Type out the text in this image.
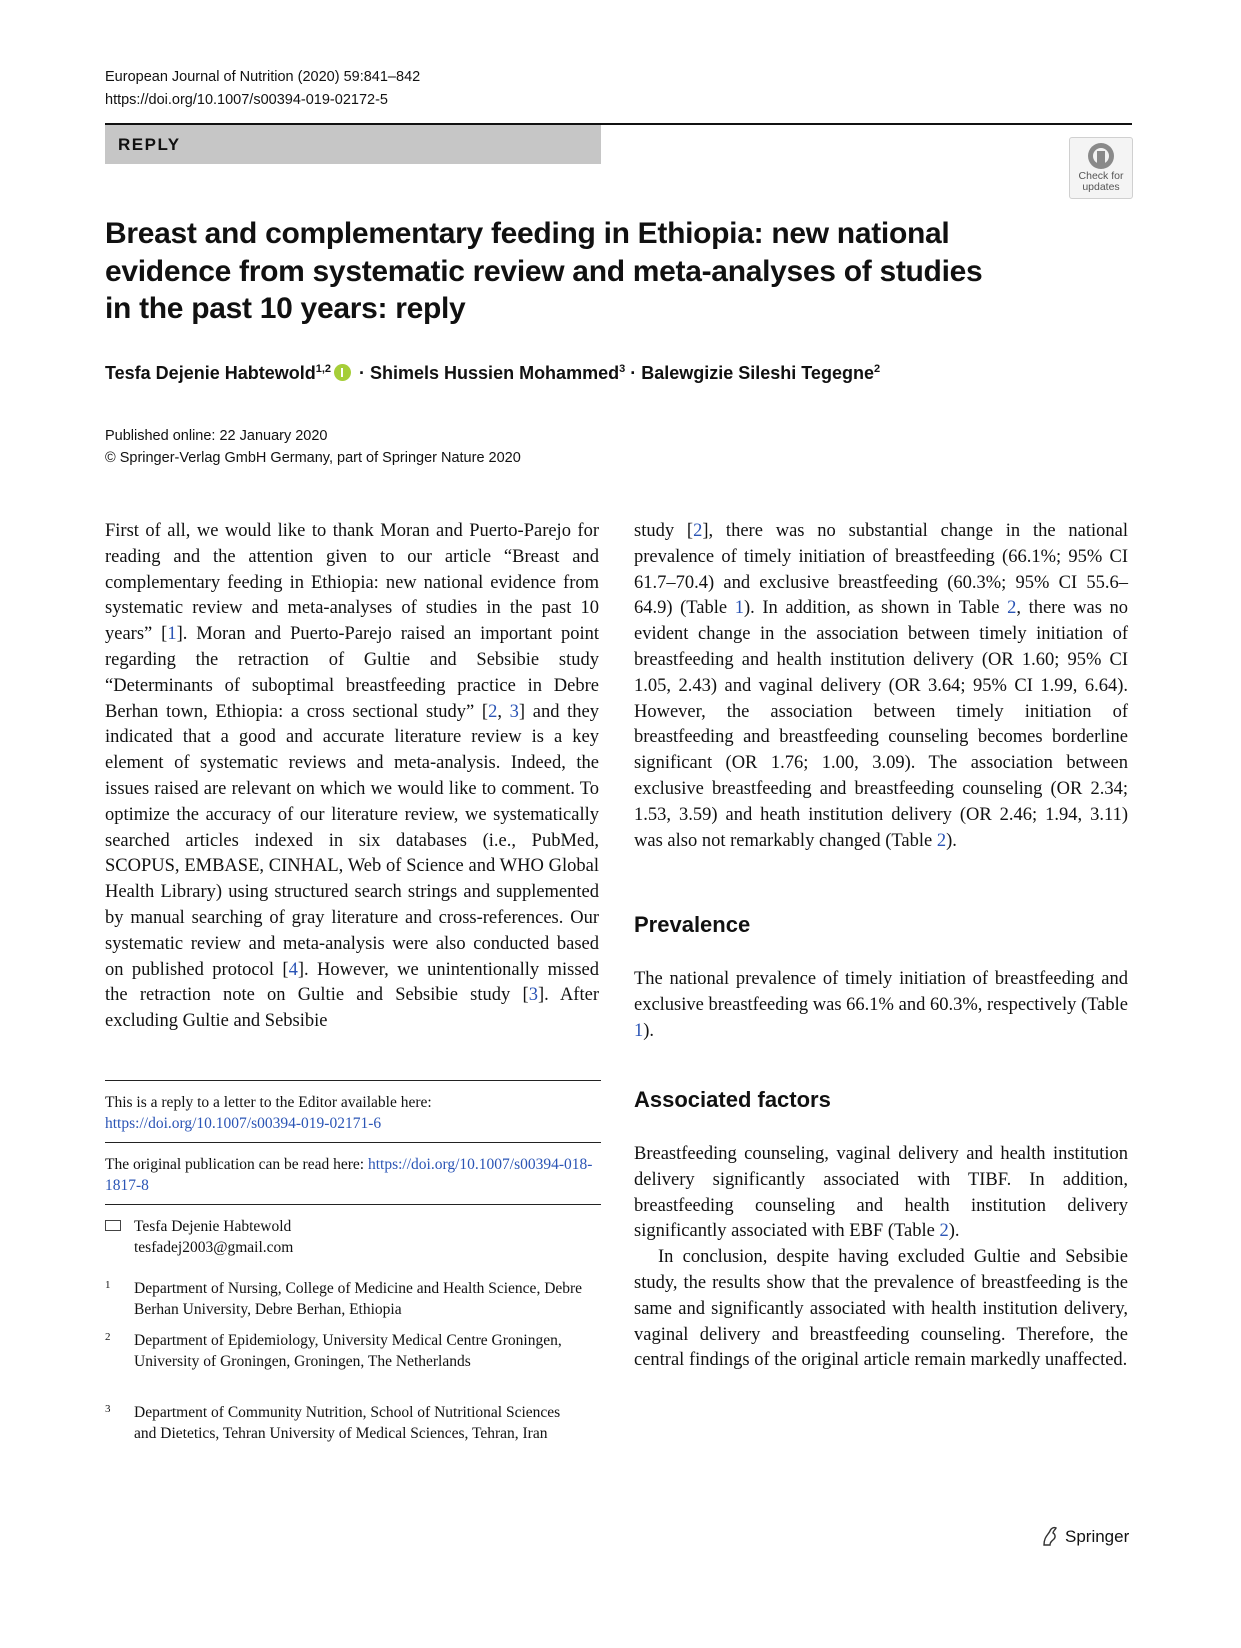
European Journal of Nutrition (2020) 59:841–842
https://doi.org/10.1007/s00394-019-02172-5
REPLY
Check for
updates
Breast and complementary feeding in Ethiopia: new national evidence from systematic review and meta-analyses of studies in the past 10 years: reply
Tesfa Dejenie Habtewold$^{1,2}$ · Shimels Hussien Mohammed$^3$ · Balewgizie Sileshi Tegegne$^2$
Published online: 22 January 2020
© Springer-Verlag GmbH Germany, part of Springer Nature 2020

First of all, we would like to thank Moran and Puerto-Parejo for reading and the attention given to our article “Breast and complementary feeding in Ethiopia: new national evidence from systematic review and meta-analyses of studies in the past 10 years” [1]. Moran and Puerto-Parejo raised an important point regarding the retraction of Gultie and Sebsibie study “Determinants of suboptimal breastfeeding practice in Debre Berhan town, Ethiopia: a cross sectional study” [2, 3] and they indicated that a good and accurate literature review is a key element of systematic reviews and meta-analysis. Indeed, the issues raised are relevant on which we would like to comment. To optimize the accuracy of our literature review, we systematically searched articles indexed in six databases (i.e., PubMed, SCOPUS, EMBASE, CINHAL, Web of Science and WHO Global Health Library) using structured search strings and supplemented by manual searching of gray literature and cross-references. Our systematic review and meta-analysis were also conducted based on published protocol [4]. However, we unintentionally missed the retraction note on Gultie and Sebsibie study [3]. After excluding Gultie and Sebsibie

study [2], there was no substantial change in the national prevalence of timely initiation of breastfeeding (66.1%; 95% CI 61.7–70.4) and exclusive breastfeeding (60.3%; 95% CI 55.6–64.9) (Table 1). In addition, as shown in Table 2, there was no evident change in the association between timely initiation of breastfeeding and health institution delivery (OR 1.60; 95% CI 1.05, 2.43) and vaginal delivery (OR 3.64; 95% CI 1.99, 6.64). However, the association between timely initiation of breastfeeding and breastfeeding counseling becomes borderline significant (OR 1.76; 1.00, 3.09). The association between exclusive breastfeeding and breastfeeding counseling (OR 2.34; 1.53, 3.59) and heath institution delivery (OR 2.46; 1.94, 3.11) was also not remarkably changed (Table 2).

Prevalence

The national prevalence of timely initiation of breastfeeding and exclusive breastfeeding was 66.1% and 60.3%, respectively (Table 1).

Associated factors

Breastfeeding counseling, vaginal delivery and health institution delivery significantly associated with TIBF. In addition, breastfeeding counseling and health institution delivery significantly associated with EBF (Table 2).

In conclusion, despite having excluded Gultie and Sebsibie study, the results show that the prevalence of breastfeeding is the same and significantly associated with health institution delivery, vaginal delivery and breastfeeding counseling. Therefore, the central findings of the original article remain markedly unaffected.

This is a reply to a letter to the Editor available here: https://doi.org/10.1007/s00394-019-02171-6
The original publication can be read here: https://doi.org/10.1007/s00394-018-1817-8
Tesfa Dejenie Habtewold
tesfadej2003@gmail.com
1 Department of Nursing, College of Medicine and Health Science, Debre Berhan University, Debre Berhan, Ethiopia
2 Department of Epidemiology, University Medical Centre Groningen, University of Groningen, Groningen, The Netherlands
3 Department of Community Nutrition, School of Nutritional Sciences and Dietetics, Tehran University of Medical Sciences, Tehran, Iran
Springer
